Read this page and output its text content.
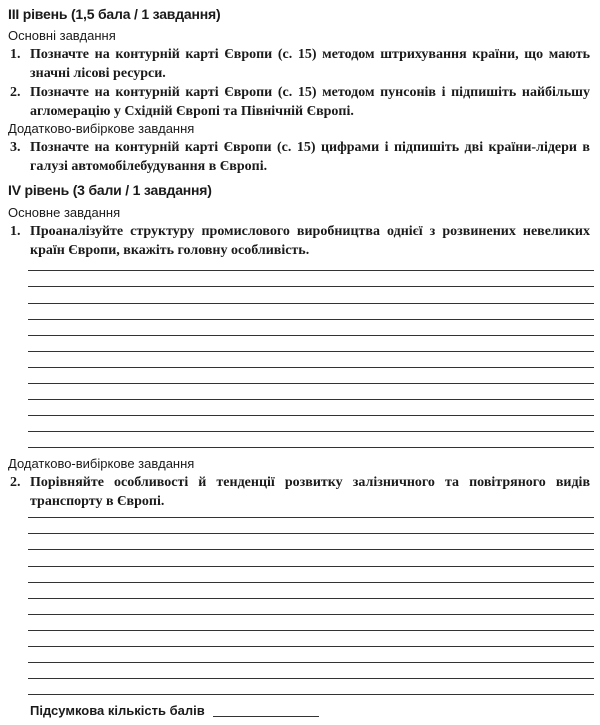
ІІІ рівень (1,5 бала / 1 завдання)
Основні завдання
1. Позначте на контурній карті Європи (с. 15) методом штрихування країни, що мають значні лісові ресурси.
2. Позначте на контурній карті Європи (с. 15) методом пунсонів і підпишіть найбільшу агломерацію у Східній Європі та Північній Європі.
Додатково-вибіркове завдання
3. Позначте на контурній карті Європи (с. 15) цифрами і підпишіть дві країни-лідери в галузі автомобілебудування в Європі.
IV рівень (3 бали / 1 завдання)
Основне завдання
1. Проаналізуйте структуру промислового виробництва однієї з розвинених невеликих країн Європи, вкажіть головну особливість.
Додатково-вибіркове завдання
2. Порівняйте особливості й тенденції розвитку залізничного та повітряного видів транспорту в Європі.
Підсумкова кількість балів
